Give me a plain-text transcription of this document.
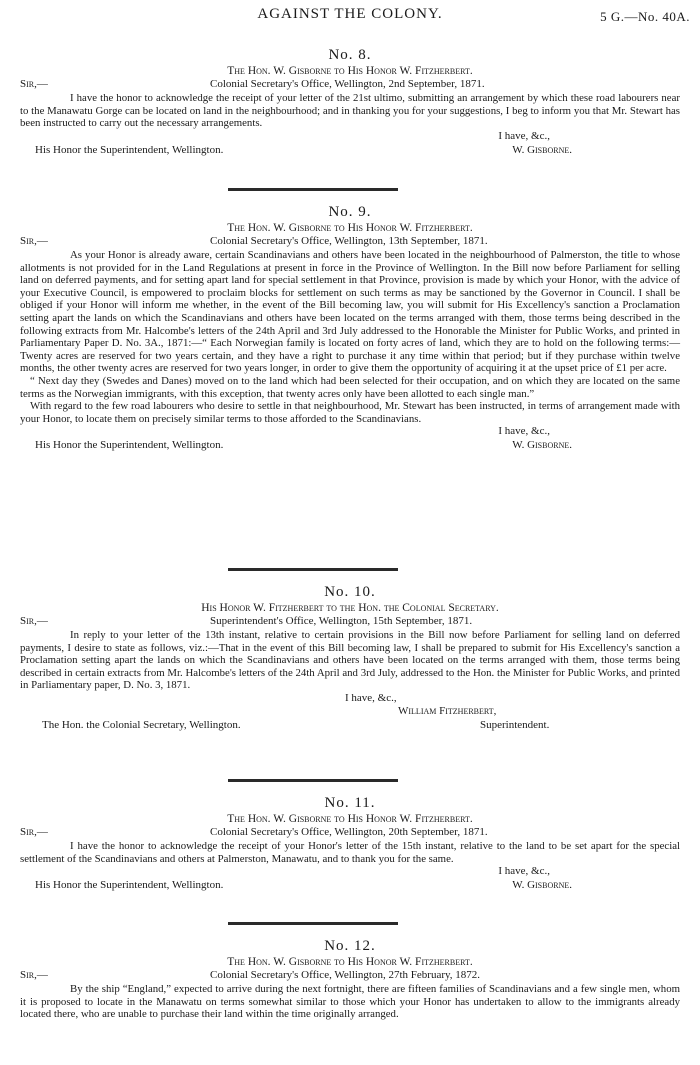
AGAINST THE COLONY.	5 G.—No. 40A.
No. 8.
The Hon. W. Gisborne to His Honor W. Fitzherbert.
Sir,—	Colonial Secretary's Office, Wellington, 2nd September, 1871.

I have the honor to acknowledge the receipt of your letter of the 21st ultimo, submitting an arrangement by which these road labourers near to the Manawatu Gorge can be located on land in the neighbourhood; and in thanking you for your suggestions, I beg to inform you that Mr. Stewart has been instructed to carry out the necessary arrangements.

I have, &c.,
His Honor the Superintendent, Wellington.	W. Gisborne.
No. 9.
The Hon. W. Gisborne to His Honor W. Fitzherbert.
Sir,—	Colonial Secretary's Office, Wellington, 13th September, 1871.

As your Honor is already aware, certain Scandinavians and others have been located in the neighbourhood of Palmerston, the title to whose allotments is not provided for in the Land Regulations at present in force in the Province of Wellington. In the Bill now before Parliament for selling land on deferred payments, and for setting apart land for special settlement in that Province, provision is made by which your Honor, with the advice of your Executive Council, is empowered to proclaim blocks for settlement on such terms as may be sanctioned by the Governor in Council. I shall be obliged if your Honor will inform me whether, in the event of the Bill becoming law, you will submit for His Excellency's sanction a Proclamation setting apart the lands on which the Scandinavians and others have been located on the terms arranged with them, those terms being described in the following extracts from Mr. Halcombe's letters of the 24th April and 3rd July addressed to the Honorable the Minister for Public Works, and printed in Parliamentary Paper D. No. 3A., 1871:—“ Each Norwegian family is located on forty acres of land, which they are to hold on the following terms:—Twenty acres are reserved for two years certain, and they have a right to purchase it any time within that period; but if they purchase within twelve months, the other twenty acres are reserved for two years longer, in order to give them the opportunity of acquiring it at the upset price of £1 per acre.

“ Next day they (Swedes and Danes) moved on to the land which had been selected for their occupation, and on which they are located on the same terms as the Norwegian immigrants, with this exception, that twenty acres only have been allotted to each single man.”

With regard to the few road labourers who desire to settle in that neighbourhood, Mr. Stewart has been instructed, in terms of arrangement made with your Honor, to locate them on precisely similar terms to those afforded to the Scandinavians.

I have, &c.,
His Honor the Superintendent, Wellington.	W. Gisborne.
No. 10.
His Honor W. Fitzherbert to the Hon. the Colonial Secretary.
Sir,—	Superintendent's Office, Wellington, 15th September, 1871.

In reply to your letter of the 13th instant, relative to certain provisions in the Bill now before Parliament for selling land on deferred payments, I desire to state as follows, viz.:—That in the event of this Bill becoming law, I shall be prepared to submit for His Excellency's sanction a Proclamation setting apart the lands on which the Scandinavians and others have been located on the terms arranged with them, those terms being described in certain extracts from Mr. Halcombe's letters of the 24th April and 3rd July, addressed to the Hon. the Minister for Public Works, and printed in Parliamentary paper, D. No. 3, 1871.

I have, &c.,
William Fitzherbert,
The Hon. the Colonial Secretary, Wellington.	Superintendent.
No. 11.
The Hon. W. Gisborne to His Honor W. Fitzherbert.
Sir,—	Colonial Secretary's Office, Wellington, 20th September, 1871.

I have the honor to acknowledge the receipt of your Honor's letter of the 15th instant, relative to the land to be set apart for the special settlement of the Scandinavians and others at Palmerston, Manawatu, and to thank you for the same.

I have, &c.,
His Honor the Superintendent, Wellington.	W. Gisborne.
No. 12.
The Hon. W. Gisborne to His Honor W. Fitzherbert.
Sir,—	Colonial Secretary's Office, Wellington, 27th February, 1872.

By the ship “England,” expected to arrive during the next fortnight, there are fifteen families of Scandinavians and a few single men, whom it is proposed to locate in the Manawatu on terms somewhat similar to those which your Honor has undertaken to allow to the immigrants already located there, who are unable to purchase their land within the time originally arranged.
